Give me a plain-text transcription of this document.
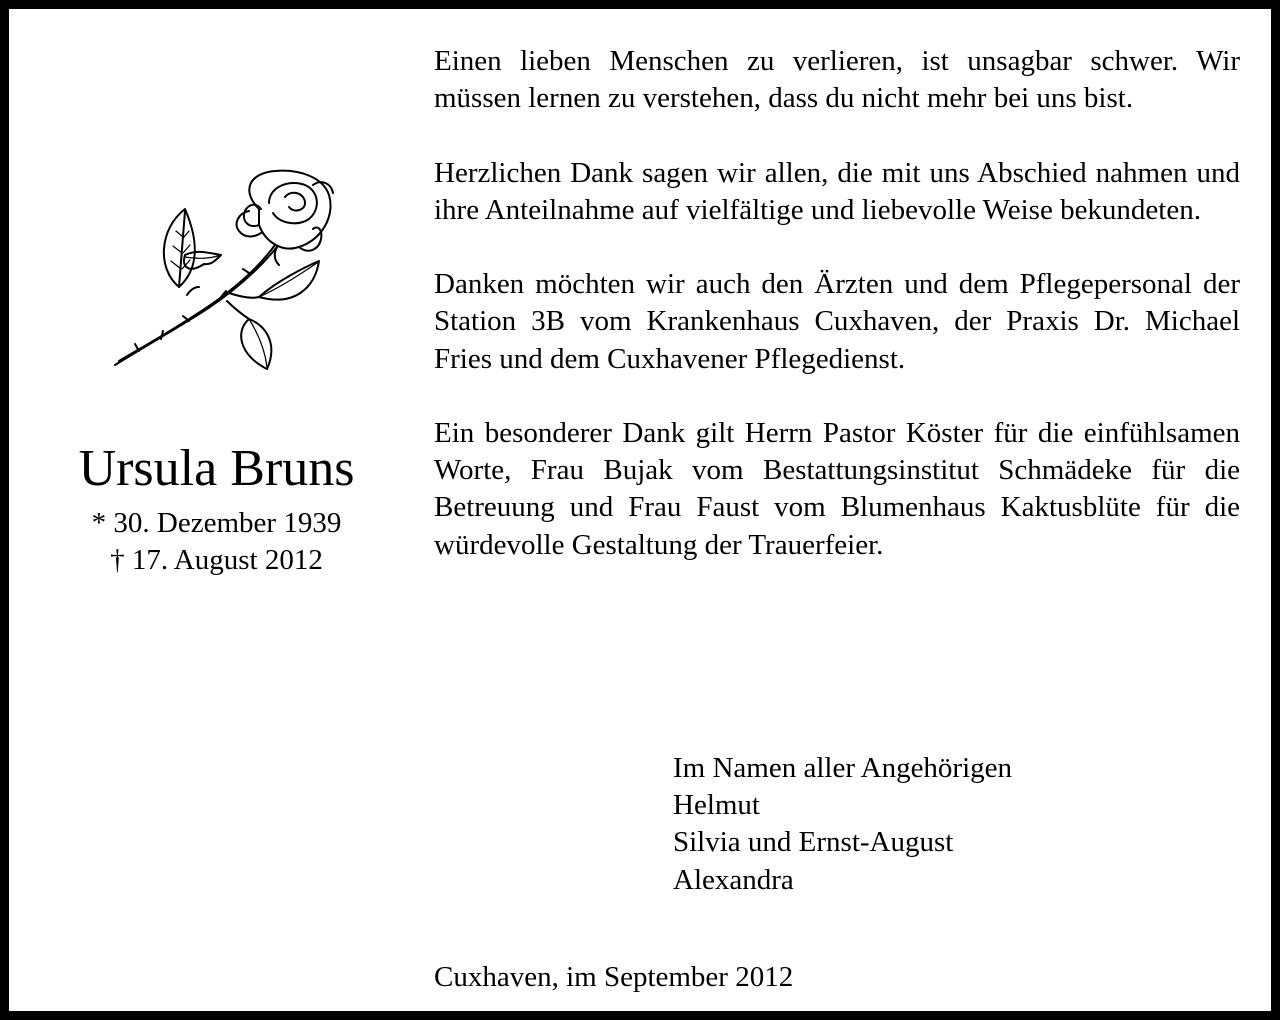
Ursula Bruns
* 30. Dezember 1939
† 17. August 2012

Einen lieben Menschen zu verlieren, ist unsagbar schwer. Wir müssen lernen zu verstehen, dass du nicht mehr bei uns bist.

Herzlichen Dank sagen wir allen, die mit uns Abschied nahmen und ihre Anteilnahme auf vielfältige und liebevolle Weise bekundeten.

Danken möchten wir auch den Ärzten und dem Pflegepersonal der Station 3B vom Krankenhaus Cuxhaven, der Praxis Dr. Michael Fries und dem Cuxhavener Pflegedienst.

Ein besonderer Dank gilt Herrn Pastor Köster für die einfühlsamen Worte, Frau Bujak vom Bestattungsinstitut Schmädeke für die Betreuung und Frau Faust vom Blumenhaus Kaktusblüte für die würdevolle Gestaltung der Trauerfeier.

Im Namen aller Angehörigen
Helmut
Silvia und Ernst-August
Alexandra
Cuxhaven, im September 2012
